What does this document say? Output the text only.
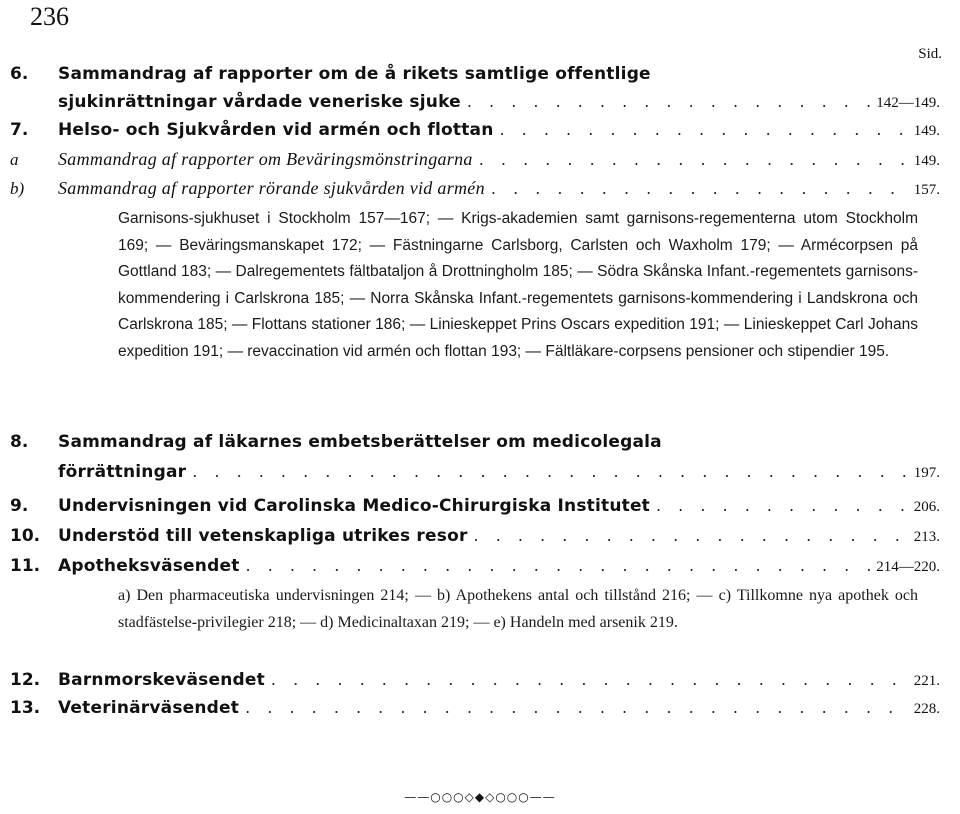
236
Sid.
6.	Sammandrag af rapporter om de å rikets samtlige offentlige
sjukinrättningar vårdade veneriske sjuke . . .	142—149.
7.	Helso- och Sjukvården vid armén och flottan . . .	149.
a	Sammandrag af rapporter om Beväringsmönstringarna . . .	149.
b)	Sammandrag af rapporter rörande sjukvården vid armén . . .	157.
Garnisons-sjukhuset i Stockholm 157—167; — Krigs-akademien samt garnisons-regementerna utom Stockholm 169; — Beväringsmanskapet 172; — Fästningarne Carlsborg, Carlsten och Waxholm 179; — Armécorpsen på Gottland 183; — Dalregementets fältbataljon å Drottningholm 185; — Södra Skånska Infant.-regementets garnisons-kommendering i Carlskrona 185; — Norra Skånska Infant.-regementets garnisons-kommendering i Landskrona och Carlskrona 185; — Flottans stationer 186; — Linieskeppet Prins Oscars expedition 191; — Linieskeppet Carl Johans expedition 191; — revaccination vid armén och flottan 193; — Fältläkare-corpsens pensioner och stipendier 195.
8.	Sammandrag af läkarnes embetsberättelser om medicolegala
förrättningar . . .	197.
9.	Undervisningen vid Carolinska Medico-Chirurgiska Institutet . . .	206.
10.	Understöd till vetenskapliga utrikes resor . . .	213.
11.	Apotheksväsendet . . .	214—220.
a) Den pharmaceutiska undervisningen 214; — b) Apothekens antal och tillstånd 216; — c) Tillkomne nya apothek och stadfästelse-privilegier 218; — d) Medicinaltaxan 219; — e) Handeln med arsenik 219.
12.	Barnmorskeväsendet . . .	221.
13.	Veterinärväsendet . . .	228.
——○○○◇◆◇○○○——
